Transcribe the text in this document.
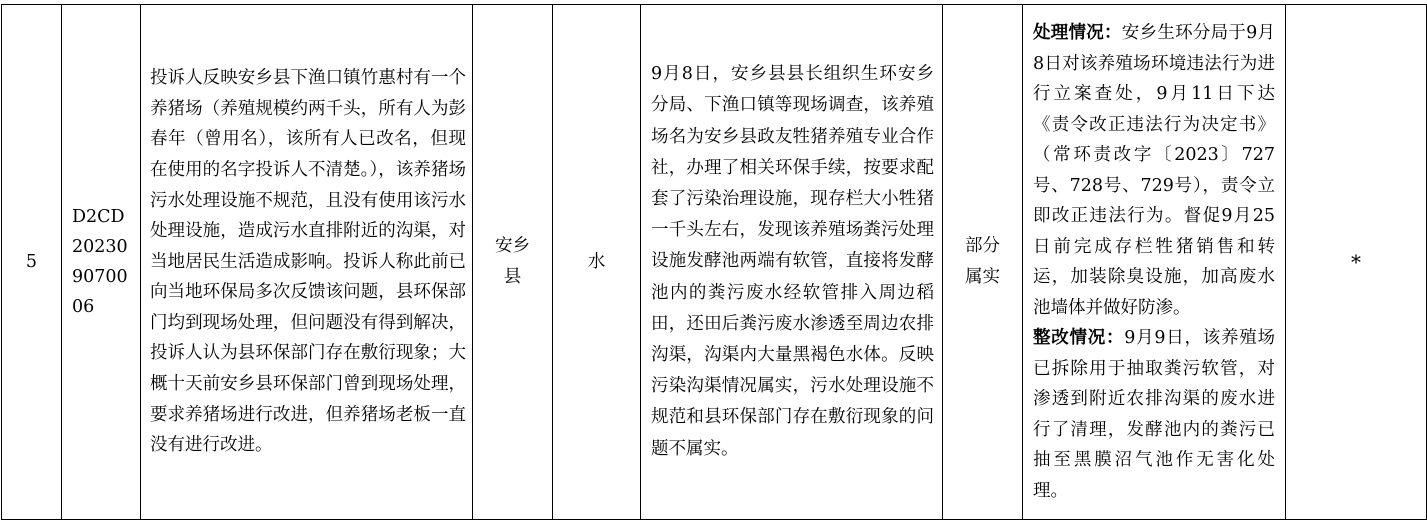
5	D2CD202309070006	投诉人反映安乡县下渔口镇竹惠村有一个养猪场（养殖规模约两千头，所有人为彭春年（曾用名），该所有人已改名，但现在使用的名字投诉人不清楚。），该养猪场污水处理设施不规范，且没有使用该污水处理设施，造成污水直排附近的沟渠，对当地居民生活造成影响。投诉人称此前已向当地环保局多次反馈该问题，县环保部门均到现场处理，但问题没有得到解决，投诉人认为县环保部门存在敷衍现象；大概十天前安乡县环保部门曾到现场处理，要求养猪场进行改进，但养猪场老板一直没有进行改进。	安乡县	水	9月8日，安乡县县长组织生环安乡分局、下渔口镇等现场调查，该养殖场名为安乡县政友牲猪养殖专业合作社，办理了相关环保手续，按要求配套了污染治理设施，现存栏大小牲猪一千头左右，发现该养殖场粪污处理设施发酵池两端有软管，直接将发酵池内的粪污废水经软管排入周边稻田，还田后粪污废水渗透至周边农排沟渠，沟渠内大量黑褐色水体。反映污染沟渠情况属实，污水处理设施不规范和县环保部门存在敷衍现象的问题不属实。	部分属实	处理情况：安乡生环分局于9月8日对该养殖场环境违法行为进行立案查处，9月11日下达《责令改正违法行为决定书》（常环责改字〔2023〕727号、728号、729号），责令立即改正违法行为。督促9月25日前完成存栏牲猪销售和转运，加装除臭设施，加高废水池墙体并做好防渗。
整改情况：9月9日，该养殖场已拆除用于抽取粪污软管，对渗透到附近农排沟渠的废水进行了清理，发酵池内的粪污已抽至黑膜沼气池作无害化处理。	*
